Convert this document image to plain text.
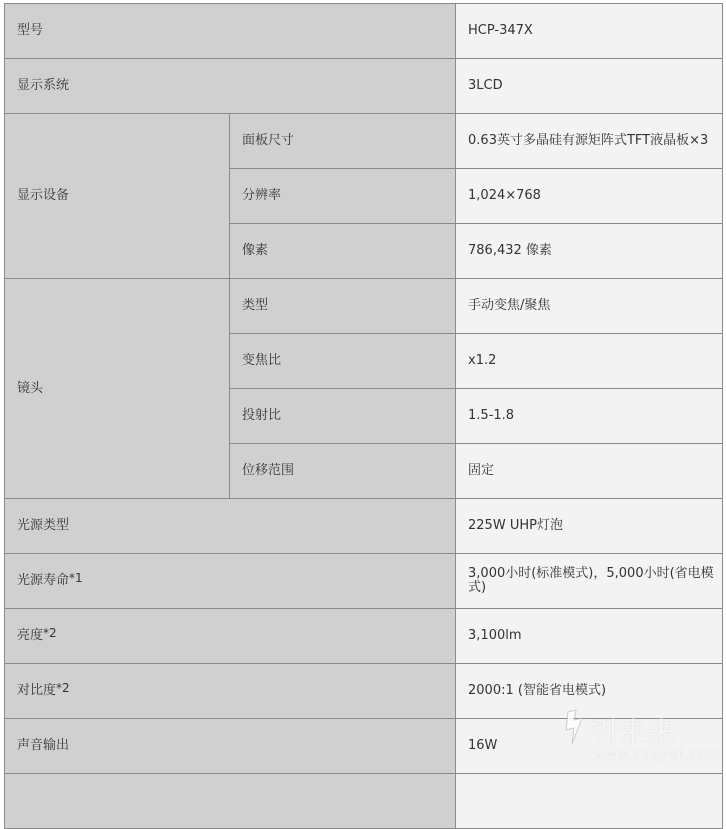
型号		HCP-347X
显示系统		3LCD
显示设备	面板尺寸	0.63英寸多晶硅有源矩阵式TFT液晶板×3
	分辨率	1,024×768
	像素	786,432 像素
镜头	类型	手动变焦/聚焦
	变焦比	x1.2
	投射比	1.5-1.8
	位移范围	固定
光源类型		225W UHP灯泡
光源寿命$^{*1}$		3,000小时(标准模式)，5,000小时(省电模式)
亮度$^{*2}$		3,100lm
对比度$^{*2}$		2000:1 (智能省电模式)
声音输出		16W
		引未来
www.51zywl.com
